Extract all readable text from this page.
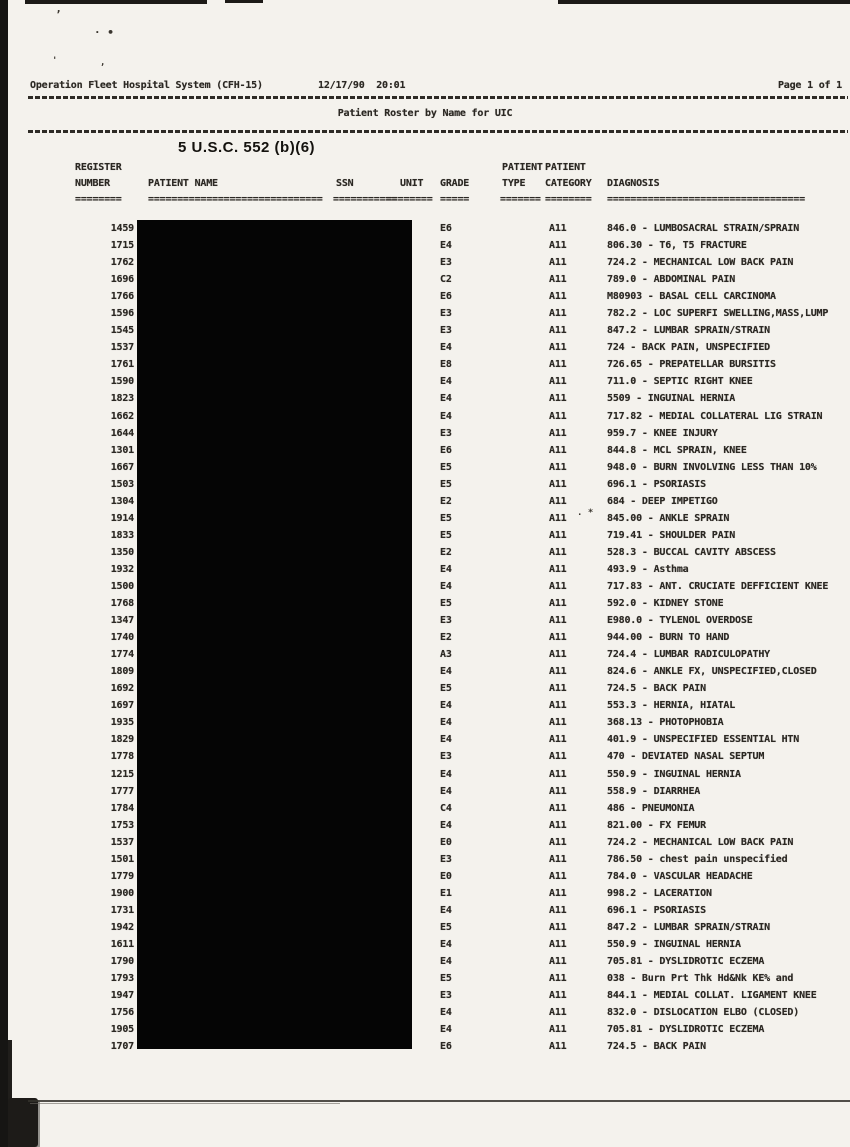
’
· •
'	,
. *
Operation Fleet Hospital System (CFH-15)	12/17/90  20:01	Page 1 of 1
Patient Roster by Name for UIC
5 U.S.C. 552 (b)(6)
REGISTER	PATIENT PATIENT
NUMBER	PATIENT NAME	SSN	UNIT GRADE	TYPE CATEGORY DIAGNOSIS
========	============================== ===========
======== =====	======= ======== ==================================
1459	E6	A11	846.0 - LUMBOSACRAL STRAIN/SPRAIN
1715	E4	A11	806.30 - T6, T5 FRACTURE
1762	E3	A11	724.2 - MECHANICAL LOW BACK PAIN
1696	C2	A11	789.0 - ABDOMINAL PAIN
1766	E6	A11	M80903 - BASAL CELL CARCINOMA
1596	E3	A11	782.2 - LOC SUPERFI SWELLING,MASS,LUMP
1545	E3	A11	847.2 - LUMBAR SPRAIN/STRAIN
1537	E4	A11	724 - BACK PAIN, UNSPECIFIED
1761	E8	A11	726.65 - PREPATELLAR BURSITIS
1590	E4	A11	711.0 - SEPTIC RIGHT KNEE
1823	E4	A11	5509 - INGUINAL HERNIA
1662	E4	A11	717.82 - MEDIAL COLLATERAL LIG STRAIN
1644	E3	A11	959.7 - KNEE INJURY
1301	E6	A11	844.8 - MCL SPRAIN, KNEE
1667	E5	A11	948.0 - BURN INVOLVING LESS THAN 10%
1503	E5	A11	696.1 - PSORIASIS
1304	E2	A11	684 - DEEP IMPETIGO
1914	E5	A11	845.00 - ANKLE SPRAIN
1833	E5	A11	719.41 - SHOULDER PAIN
1350	E2	A11	528.3 - BUCCAL CAVITY ABSCESS
1932	E4	A11	493.9 - Asthma
1500	E4	A11	717.83 - ANT. CRUCIATE DEFFICIENT KNEE
1768	E5	A11	592.0 - KIDNEY STONE
1347	E3	A11	E980.0 - TYLENOL OVERDOSE
1740	E2	A11	944.00 - BURN TO HAND
1774	A3	A11	724.4 - LUMBAR RADICULOPATHY
1809	E4	A11	824.6 - ANKLE FX, UNSPECIFIED,CLOSED
1692	E5	A11	724.5 - BACK PAIN
1697	E4	A11	553.3 - HERNIA, HIATAL
1935	E4	A11	368.13 - PHOTOPHOBIA
1829	E4	A11	401.9 - UNSPECIFIED ESSENTIAL HTN
1778	E3	A11	470 - DEVIATED NASAL SEPTUM
1215	E4	A11	550.9 - INGUINAL HERNIA
1777	E4	A11	558.9 - DIARRHEA
1784	C4	A11	486 - PNEUMONIA
1753	E4	A11	821.00 - FX FEMUR
1537	E0	A11	724.2 - MECHANICAL LOW BACK PAIN
1501	E3	A11	786.50 - chest pain unspecified
1779	E0	A11	784.0 - VASCULAR HEADACHE
1900	E1	A11	998.2 - LACERATION
1731	E4	A11	696.1 - PSORIASIS
1942	E5	A11	847.2 - LUMBAR SPRAIN/STRAIN
1611	E4	A11	550.9 - INGUINAL HERNIA
1790	E4	A11	705.81 - DYSLIDROTIC ECZEMA
1793	E5	A11	038 - Burn Prt Thk Hd&Nk KE% and
1947	E3	A11	844.1 - MEDIAL COLLAT. LIGAMENT KNEE
1756	E4	A11	832.0 - DISLOCATION ELBO (CLOSED)
1905	E4	A11	705.81 - DYSLIDROTIC ECZEMA
1707	E6	A11	724.5 - BACK PAIN
